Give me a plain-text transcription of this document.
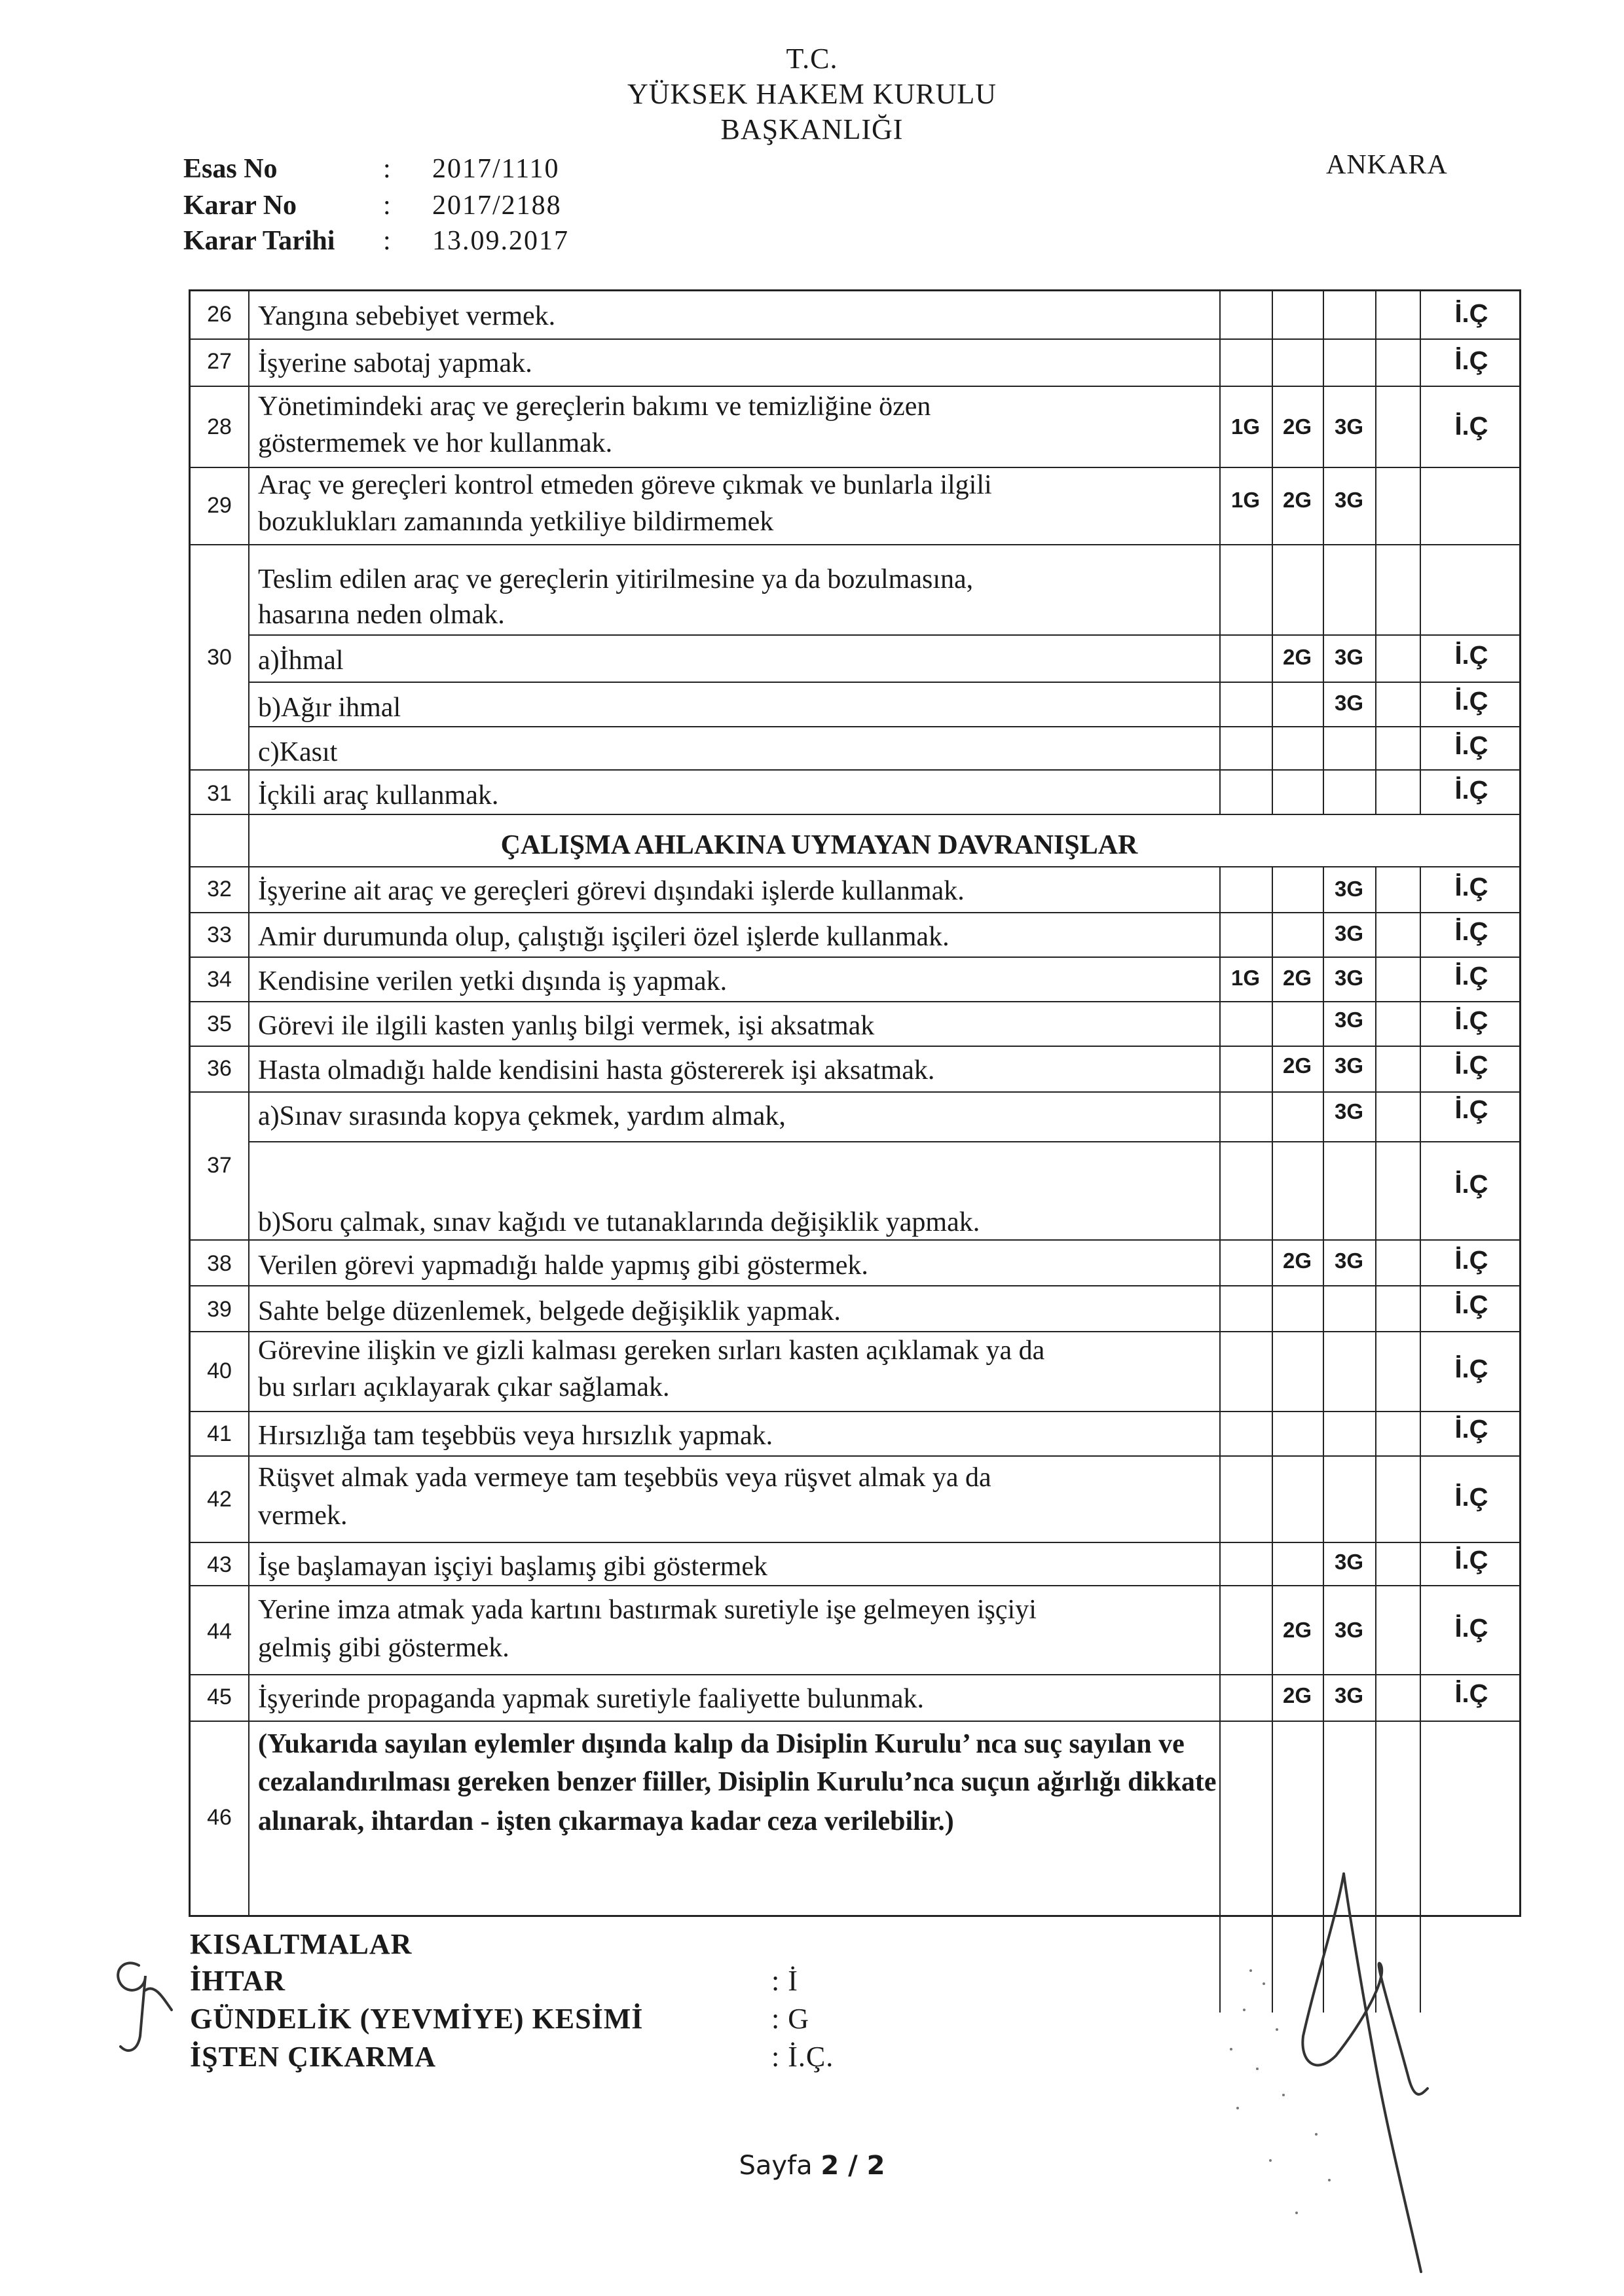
T.C.
YÜKSEK HAKEM KURULU
BAŞKANLIĞI
ANKARA
Esas No	: 2017/1110
Karar No	: 2017/2188
Karar Tarihi : 13.09.2017
26 Yangına sebebiyet vermek.	İ.Ç
27 İşyerine sabotaj yapmak.	İ.Ç
28
Yönetimindeki araç ve gereçlerin bakımı ve temizliğine özen
göstermemek ve hor kullanmak.
1G	2G	3G	İ.Ç
29
Araç ve gereçleri kontrol etmeden göreve çıkmak ve bunlarla ilgili
bozuklukları zamanında yetkiliye bildirmemek
1G	2G	3G
30
Teslim edilen araç ve gereçlerin yitirilmesine ya da bozulmasına,
hasarına neden olmak.
a)İhmal	2G	3G	İ.Ç
b)Ağır ihmal	3G	İ.Ç
c)Kasıt	İ.Ç
31 İçkili araç kullanmak.	İ.Ç
ÇALIŞMA AHLAKINA UYMAYAN DAVRANIŞLAR
32 İşyerine ait araç ve gereçleri görevi dışındaki işlerde kullanmak.	3G	İ.Ç
33 Amir durumunda olup, çalıştığı işçileri özel işlerde kullanmak.	3G	İ.Ç
34 Kendisine verilen yetki dışında iş yapmak.	1G	2G	3G	İ.Ç
35 Görevi ile ilgili kasten yanlış bilgi vermek, işi aksatmak	3G	İ.Ç
36 Hasta olmadığı halde kendisini hasta göstererek işi aksatmak.	2G	3G	İ.Ç
37
a)Sınav sırasında kopya çekmek, yardım almak,	3G	İ.Ç
b)Soru çalmak, sınav kağıdı ve tutanaklarında değişiklik yapmak.
İ.Ç
38 Verilen görevi yapmadığı halde yapmış gibi göstermek.	2G	3G	İ.Ç
39 Sahte belge düzenlemek, belgede değişiklik yapmak.	İ.Ç
40
Görevine ilişkin ve gizli kalması gereken sırları kasten açıklamak ya da
bu sırları açıklayarak çıkar sağlamak.
İ.Ç
41 Hırsızlığa tam teşebbüs veya hırsızlık yapmak.	İ.Ç
42
Rüşvet almak yada vermeye tam teşebbüs veya rüşvet almak ya da
vermek.
İ.Ç
43 İşe başlamayan işçiyi başlamış gibi göstermek	3G	İ.Ç
44
Yerine imza atmak yada kartını bastırmak suretiyle işe gelmeyen işçiyi
gelmiş gibi göstermek.
2G	3G	İ.Ç
45 İşyerinde propaganda yapmak suretiyle faaliyette bulunmak.	2G	3G	İ.Ç
46
(Yukarıda sayılan eylemler dışında kalıp da Disiplin Kurulu’ nca suç sayılan ve
cezalandırılması gereken benzer fiiller, Disiplin Kurulu’nca suçun ağırlığı dikkate
alınarak, ihtardan - işten çıkarmaya kadar ceza verilebilir.)
KISALTMALAR
İHTAR	: İ
GÜNDELİK (YEVMİYE) KESİMİ	: G
İŞTEN ÇIKARMA	: İ.Ç.
Sayfa 2 / 2
